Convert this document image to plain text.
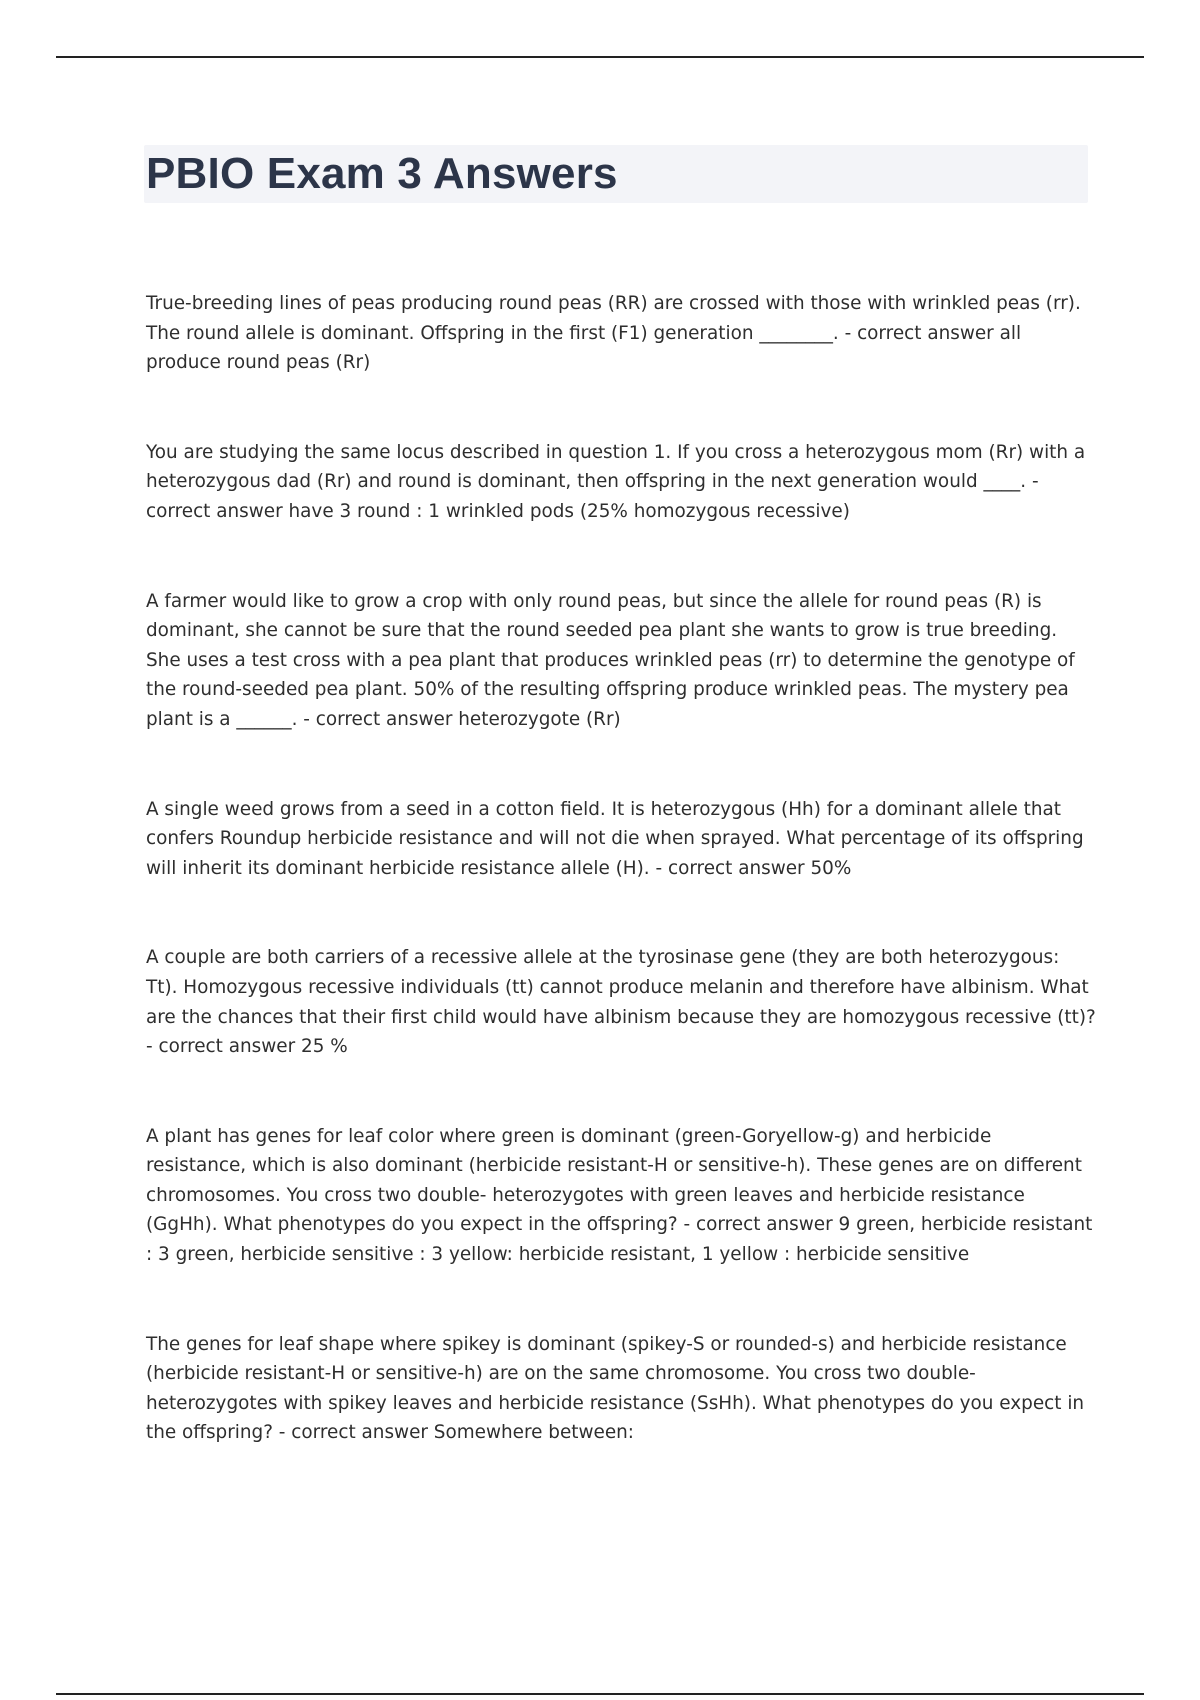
PBIO Exam 3 Answers

True-breeding lines of peas producing round peas (RR) are crossed with those with wrinkled peas (rr). The round allele is dominant. Offspring in the first (F1) generation ________. - correct answer all produce round peas (Rr)

You are studying the same locus described in question 1. If you cross a heterozygous mom (Rr) with a heterozygous dad (Rr) and round is dominant, then offspring in the next generation would ____. - correct answer have 3 round : 1 wrinkled pods (25% homozygous recessive)

A farmer would like to grow a crop with only round peas, but since the allele for round peas (R) is dominant, she cannot be sure that the round seeded pea plant she wants to grow is true breeding. She uses a test cross with a pea plant that produces wrinkled peas (rr) to determine the genotype of the round-seeded pea plant. 50% of the resulting offspring produce wrinkled peas. The mystery pea plant is a ______. - correct answer heterozygote (Rr)

A single weed grows from a seed in a cotton field. It is heterozygous (Hh) for a dominant allele that confers Roundup herbicide resistance and will not die when sprayed. What percentage of its offspring will inherit its dominant herbicide resistance allele (H). - correct answer 50%

A couple are both carriers of a recessive allele at the tyrosinase gene (they are both heterozygous: Tt). Homozygous recessive individuals (tt) cannot produce melanin and therefore have albinism. What are the chances that their first child would have albinism because they are homozygous recessive (tt)? - correct answer 25 %

A plant has genes for leaf color where green is dominant (green-Goryellow-g) and herbicide resistance, which is also dominant (herbicide resistant-H or sensitive-h). These genes are on different chromosomes. You cross two double- heterozygotes with green leaves and herbicide resistance (GgHh). What phenotypes do you expect in the offspring? - correct answer 9 green, herbicide resistant : 3 green, herbicide sensitive : 3 yellow: herbicide resistant, 1 yellow : herbicide sensitive

The genes for leaf shape where spikey is dominant (spikey-S or rounded-s) and herbicide resistance (herbicide resistant-H or sensitive-h) are on the same chromosome. You cross two double-heterozygotes with spikey leaves and herbicide resistance (SsHh). What phenotypes do you expect in the offspring? - correct answer Somewhere between:
